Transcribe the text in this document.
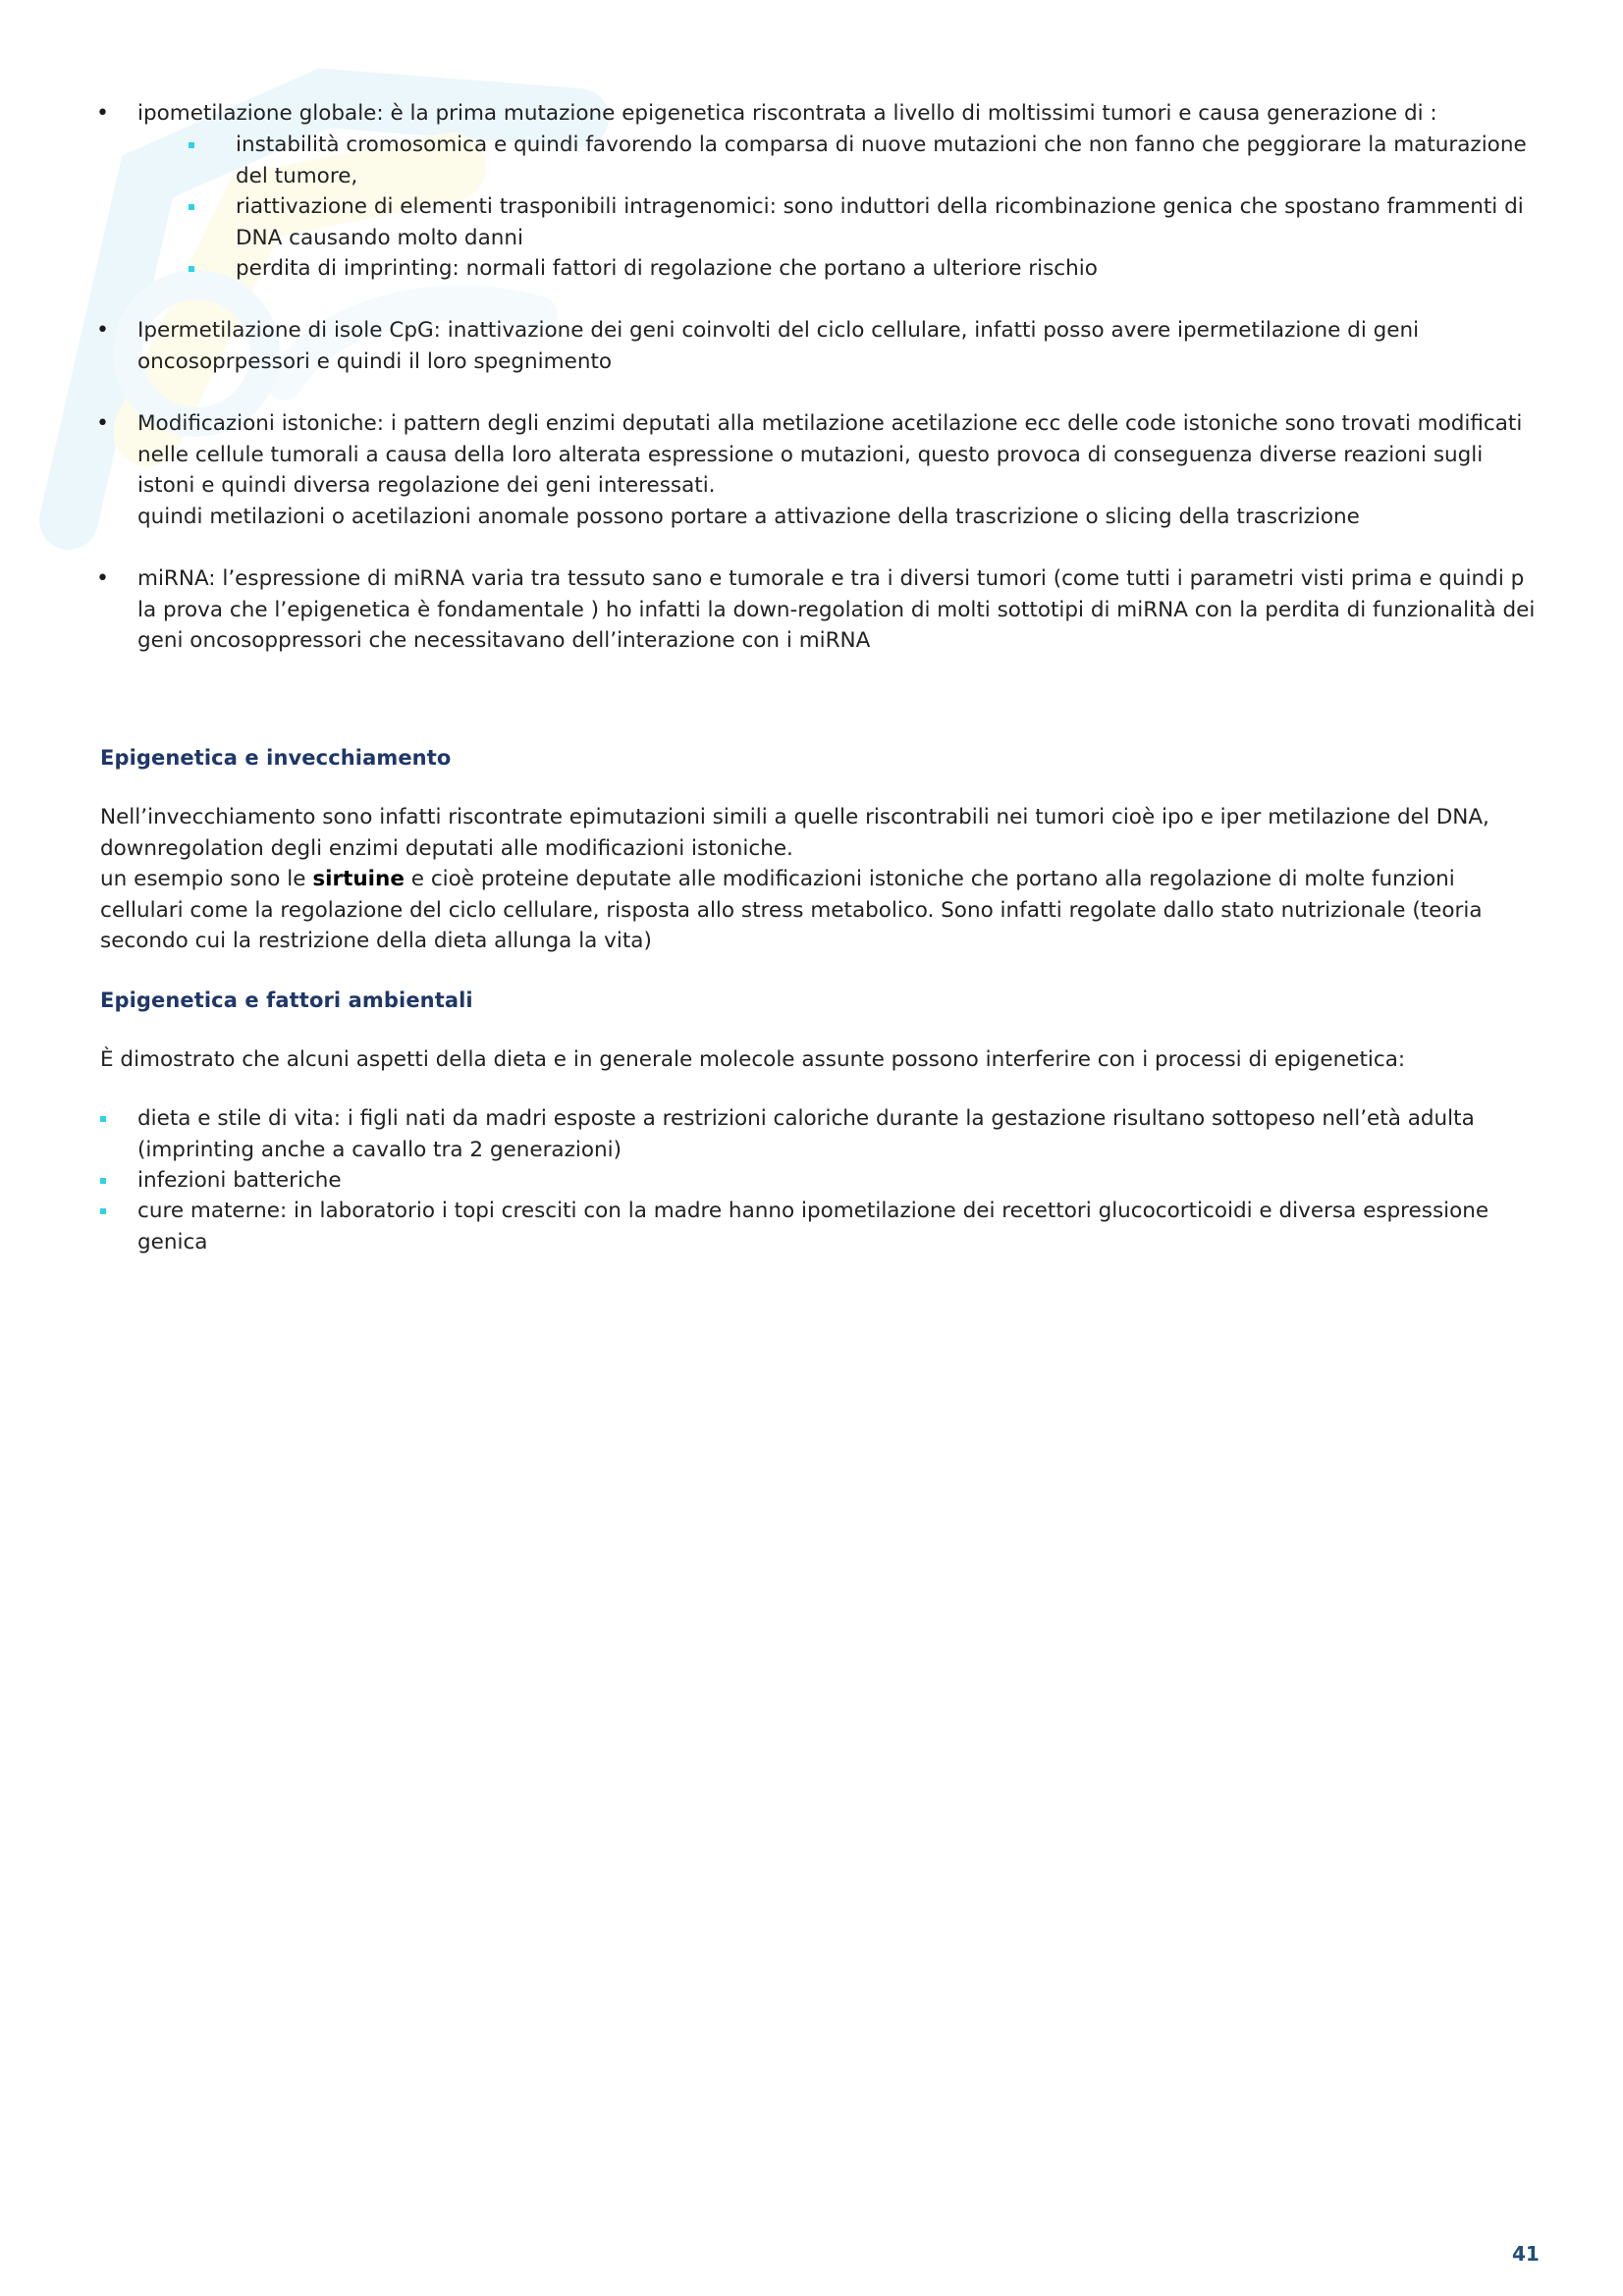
•
ipometilazione globale: è la prima mutazione epigenetica riscontrata a livello di moltissimi tumori e causa generazione di :
instabilità cromosomica e quindi favorendo la comparsa di nuove mutazioni che non fanno che peggiorare la maturazione del tumore,
riattivazione di elementi trasponibili intragenomici: sono induttori della ricombinazione genica che spostano frammenti di DNA causando molto danni
perdita di imprinting: normali fattori di regolazione che portano a ulteriore rischio
•
Ipermetilazione di isole CpG: inattivazione dei geni coinvolti del ciclo cellulare, infatti posso avere ipermetilazione di geni oncosoprpessori e quindi il loro spegnimento
•
Modificazioni istoniche: i pattern degli enzimi deputati alla metilazione acetilazione ecc delle code istoniche sono trovati modificati nelle cellule tumorali a causa della loro alterata espressione o mutazioni, questo provoca di conseguenza diverse reazioni sugli istoni e quindi diversa regolazione dei geni interessati.
quindi metilazioni o acetilazioni anomale possono portare a attivazione della trascrizione o slicing della trascrizione
•
miRNA: l’espressione di miRNA varia tra tessuto sano e tumorale e tra i diversi tumori (come tutti i parametri visti prima e quindi p la prova che l’epigenetica è fondamentale ) ho infatti la down-regolation di molti sottotipi di miRNA con la perdita di funzionalità dei geni oncosoppressori che necessitavano dell’interazione con i miRNA
Epigenetica e invecchiamento
Nell’invecchiamento sono infatti riscontrate epimutazioni simili a quelle riscontrabili nei tumori cioè ipo e iper metilazione del DNA, downregolation degli enzimi deputati alle modificazioni istoniche.
un esempio sono le sirtuine e cioè proteine deputate alle modificazioni istoniche che portano alla regolazione di molte funzioni cellulari come la regolazione del ciclo cellulare, risposta allo stress metabolico. Sono infatti regolate dallo stato nutrizionale (teoria secondo cui la restrizione della dieta allunga la vita)
Epigenetica e fattori ambientali
È dimostrato che alcuni aspetti della dieta e in generale molecole assunte possono interferire con i processi di epigenetica:
dieta e stile di vita: i figli nati da madri esposte a restrizioni caloriche durante la gestazione risultano sottopeso nell’età adulta (imprinting anche a cavallo tra 2 generazioni)
infezioni batteriche
cure materne: in laboratorio i topi cresciti con la madre hanno ipometilazione dei recettori glucocorticoidi e diversa espressione genica
41
